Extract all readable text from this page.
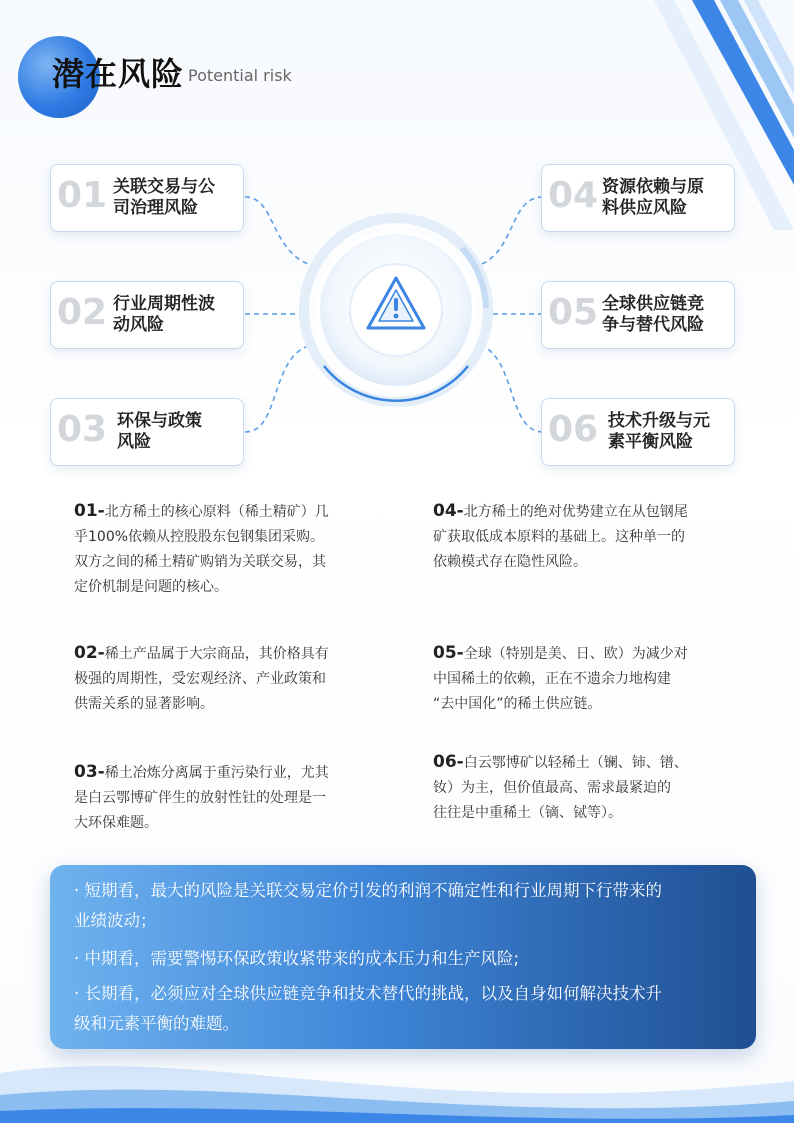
潜在风险 Potential risk
01 关联交易与公
司治理风险
02 行业周期性波
动风险
03 环保与政策
风险
04 资源依赖与原
料供应风险
05 全球供应链竞
争与替代风险
06 技术升级与元
素平衡风险
01-北方稀土的核心原料（稀土精矿）几
乎100%依赖从控股股东包钢集团采购。
双方之间的稀土精矿购销为关联交易，其
定价机制是问题的核心。
02-稀土产品属于大宗商品，其价格具有
极强的周期性，受宏观经济、产业政策和
供需关系的显著影响。
03-稀土冶炼分离属于重污染行业，尤其
是白云鄂博矿伴生的放射性钍的处理是一
大环保难题。
04-北方稀土的绝对优势建立在从包钢尾
矿获取低成本原料的基础上。这种单一的
依赖模式存在隐性风险。
05-全球（特别是美、日、欧）为减少对
中国稀土的依赖，正在不遗余力地构建
“去中国化”的稀土供应链。
06-白云鄂博矿以轻稀土（镧、铈、镨、
钕）为主，但价值最高、需求最紧迫的
往往是中重稀土（镝、铽等）。
· 短期看，最大的风险是关联交易定价引发的利润不确定性和行业周期下行带来的
业绩波动；
· 中期看，需要警惕环保政策收紧带来的成本压力和生产风险;
· 长期看，必须应对全球供应链竞争和技术替代的挑战，以及自身如何解决技术升
级和元素平衡的难题。
